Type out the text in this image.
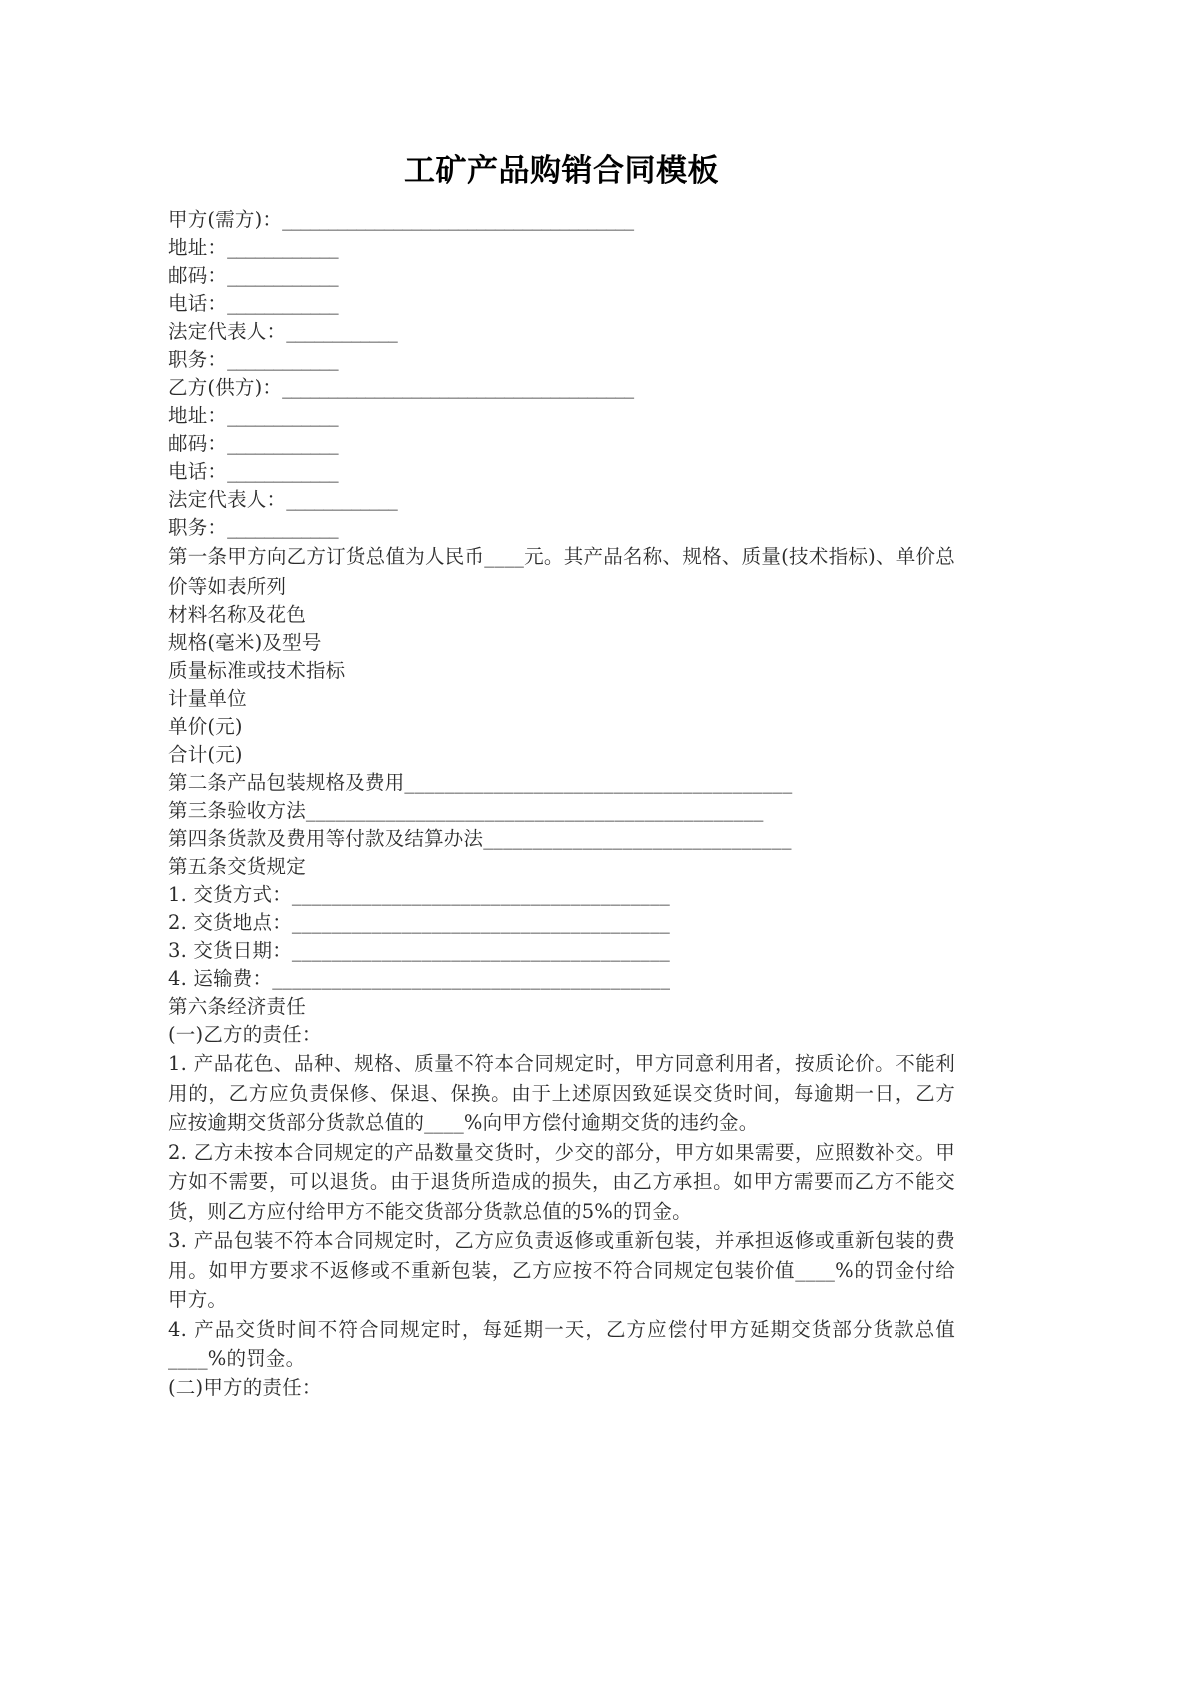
工矿产品购销合同模板
甲方(需方)：______________________________________
地址：____________
邮码：____________
电话：____________
法定代表人：____________
职务：____________
乙方(供方)：______________________________________
地址：____________
邮码：____________
电话：____________
法定代表人：____________
职务：____________

第一条甲方向乙方订货总值为人民币____元。其产品名称、规格、质量(技术指标)、单价总价等如表所列

材料名称及花色
规格(毫米)及型号
质量标准或技术指标
计量单位
单价(元)
合计(元)
第二条产品包装规格及费用_______________________________________
第三条验收方法______________________________________________
第四条货款及费用等付款及结算办法_______________________________
第五条交货规定
1. 交货方式：______________________________________
2. 交货地点：______________________________________
3. 交货日期：______________________________________
4. 运输费：________________________________________
第六条经济责任
(一)乙方的责任：

1. 产品花色、品种、规格、质量不符本合同规定时，甲方同意利用者，按质论价。不能利用的，乙方应负责保修、保退、保换。由于上述原因致延误交货时间，每逾期一日，乙方应按逾期交货部分货款总值的____%向甲方偿付逾期交货的违约金。

2. 乙方未按本合同规定的产品数量交货时，少交的部分，甲方如果需要，应照数补交。甲方如不需要，可以退货。由于退货所造成的损失，由乙方承担。如甲方需要而乙方不能交货，则乙方应付给甲方不能交货部分货款总值的5%的罚金。

3. 产品包装不符本合同规定时，乙方应负责返修或重新包装，并承担返修或重新包装的费用。如甲方要求不返修或不重新包装，乙方应按不符合同规定包装价值____%的罚金付给甲方。

4. 产品交货时间不符合同规定时，每延期一天，乙方应偿付甲方延期交货部分货款总值____%的罚金。

(二)甲方的责任：
